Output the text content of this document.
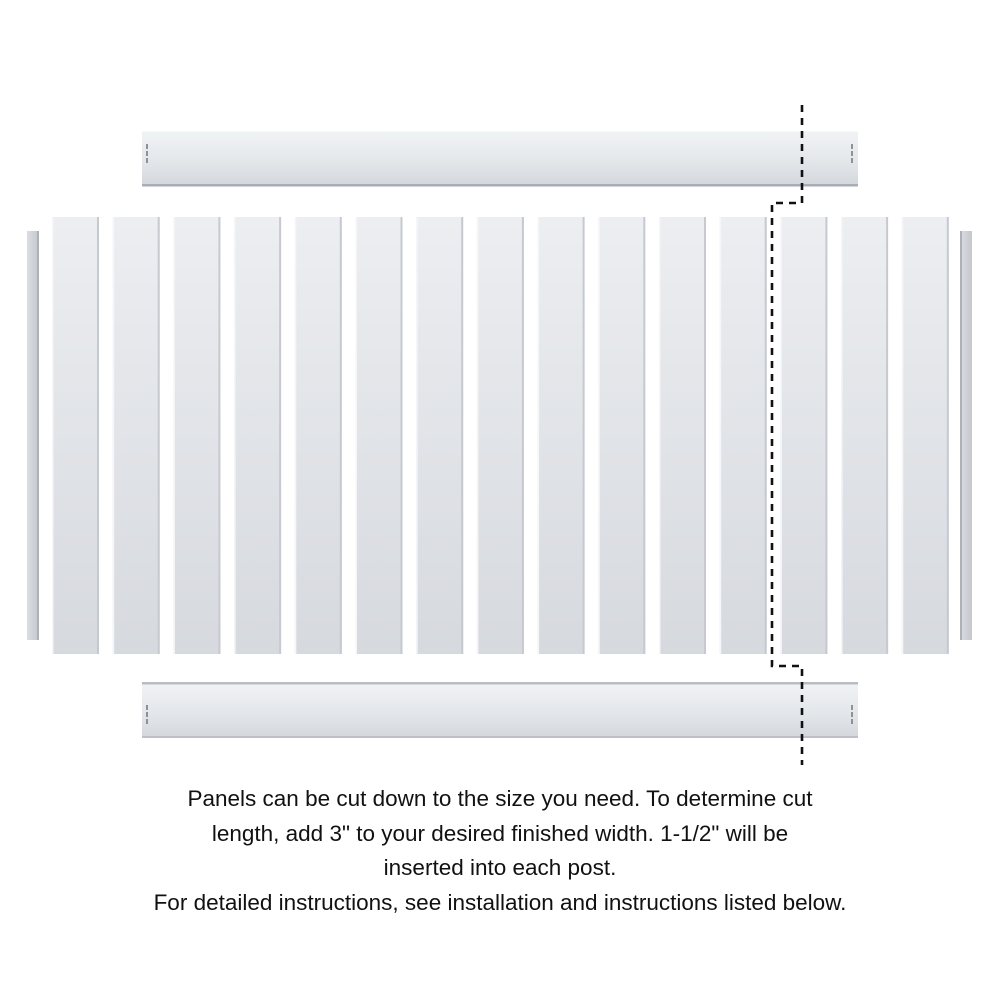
Panels can be cut down to the size you need. To determine cut
length, add 3" to your desired finished width. 1-1/2" will be
inserted into each post.
For detailed instructions, see installation and instructions listed below.
